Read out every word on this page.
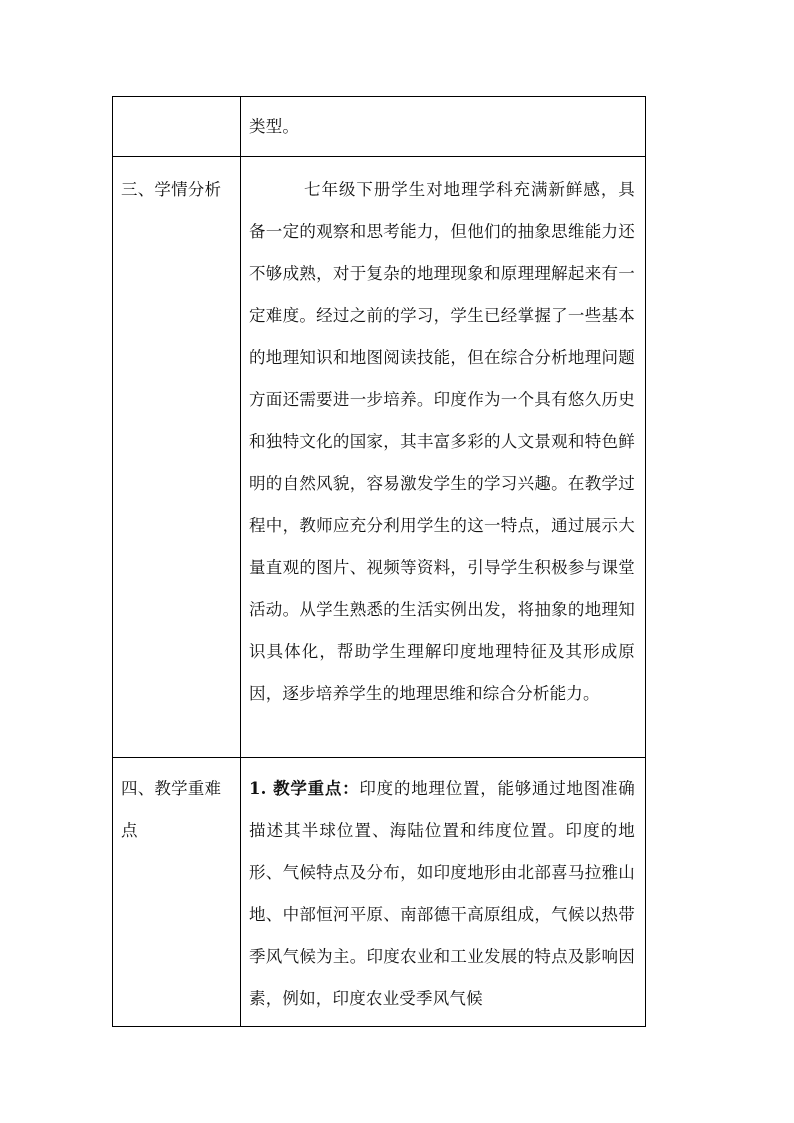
	类型。

三、学情分析	七年级下册学生对地理学科充满新鲜感，具备一定的观察和思考能力，但他们的抽象思维能力还不够成熟，对于复杂的地理现象和原理理解起来有一定难度。经过之前的学习，学生已经掌握了一些基本的地理知识和地图阅读技能，但在综合分析地理问题方面还需要进一步培养。印度作为一个具有悠久历史和独特文化的国家，其丰富多彩的人文景观和特色鲜明的自然风貌，容易激发学生的学习兴趣。在教学过程中，教师应充分利用学生的这一特点，通过展示大量直观的图片、视频等资料，引导学生积极参与课堂活动。从学生熟悉的生活实例出发，将抽象的地理知识具体化，帮助学生理解印度地理特征及其形成原因，逐步培养学生的地理思维和综合分析能力。

四、教学重难点	1. 教学重点：印度的地理位置，能够通过地图准确描述其半球位置、海陆位置和纬度位置。印度的地形、气候特点及分布，如印度地形由北部喜马拉雅山地、中部恒河平原、南部德干高原组成，气候以热带季风气候为主。印度农业和工业发展的特点及影响因素，例如，印度农业受季风气候
